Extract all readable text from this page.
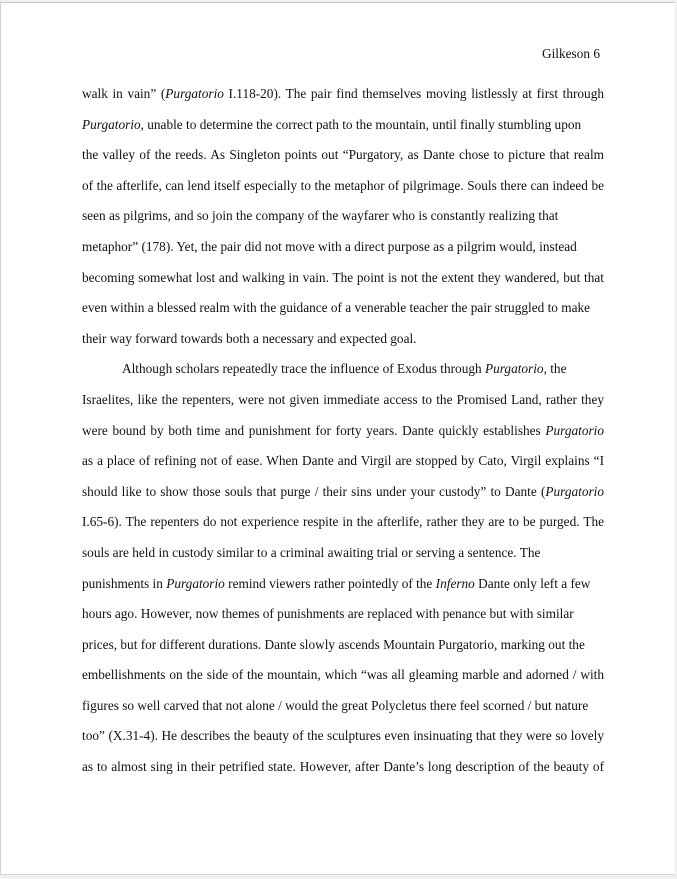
Gilkeson 6
walk in vain” (Purgatorio I.118-20). The pair find themselves moving listlessly at first through
Purgatorio, unable to determine the correct path to the mountain, until finally stumbling upon
the valley of the reeds. As Singleton points out “Purgatory, as Dante chose to picture that realm
of the afterlife, can lend itself especially to the metaphor of pilgrimage. Souls there can indeed be
seen as pilgrims, and so join the company of the wayfarer who is constantly realizing that
metaphor” (178). Yet, the pair did not move with a direct purpose as a pilgrim would, instead
becoming somewhat lost and walking in vain. The point is not the extent they wandered, but that
even within a blessed realm with the guidance of a venerable teacher the pair struggled to make
their way forward towards both a necessary and expected goal.
Although scholars repeatedly trace the influence of Exodus through Purgatorio, the
Israelites, like the repenters, were not given immediate access to the Promised Land, rather they
were bound by both time and punishment for forty years. Dante quickly establishes Purgatorio
as a place of refining not of ease. When Dante and Virgil are stopped by Cato, Virgil explains “I
should like to show those souls that purge / their sins under your custody” to Dante (Purgatorio
I.65-6). The repenters do not experience respite in the afterlife, rather they are to be purged. The
souls are held in custody similar to a criminal awaiting trial or serving a sentence. The
punishments in Purgatorio remind viewers rather pointedly of the Inferno Dante only left a few
hours ago. However, now themes of punishments are replaced with penance but with similar
prices, but for different durations. Dante slowly ascends Mountain Purgatorio, marking out the
embellishments on the side of the mountain, which “was all gleaming marble and adorned / with
figures so well carved that not alone / would the great Polycletus there feel scorned / but nature
too” (X.31-4). He describes the beauty of the sculptures even insinuating that they were so lovely
as to almost sing in their petrified state. However, after Dante’s long description of the beauty of
